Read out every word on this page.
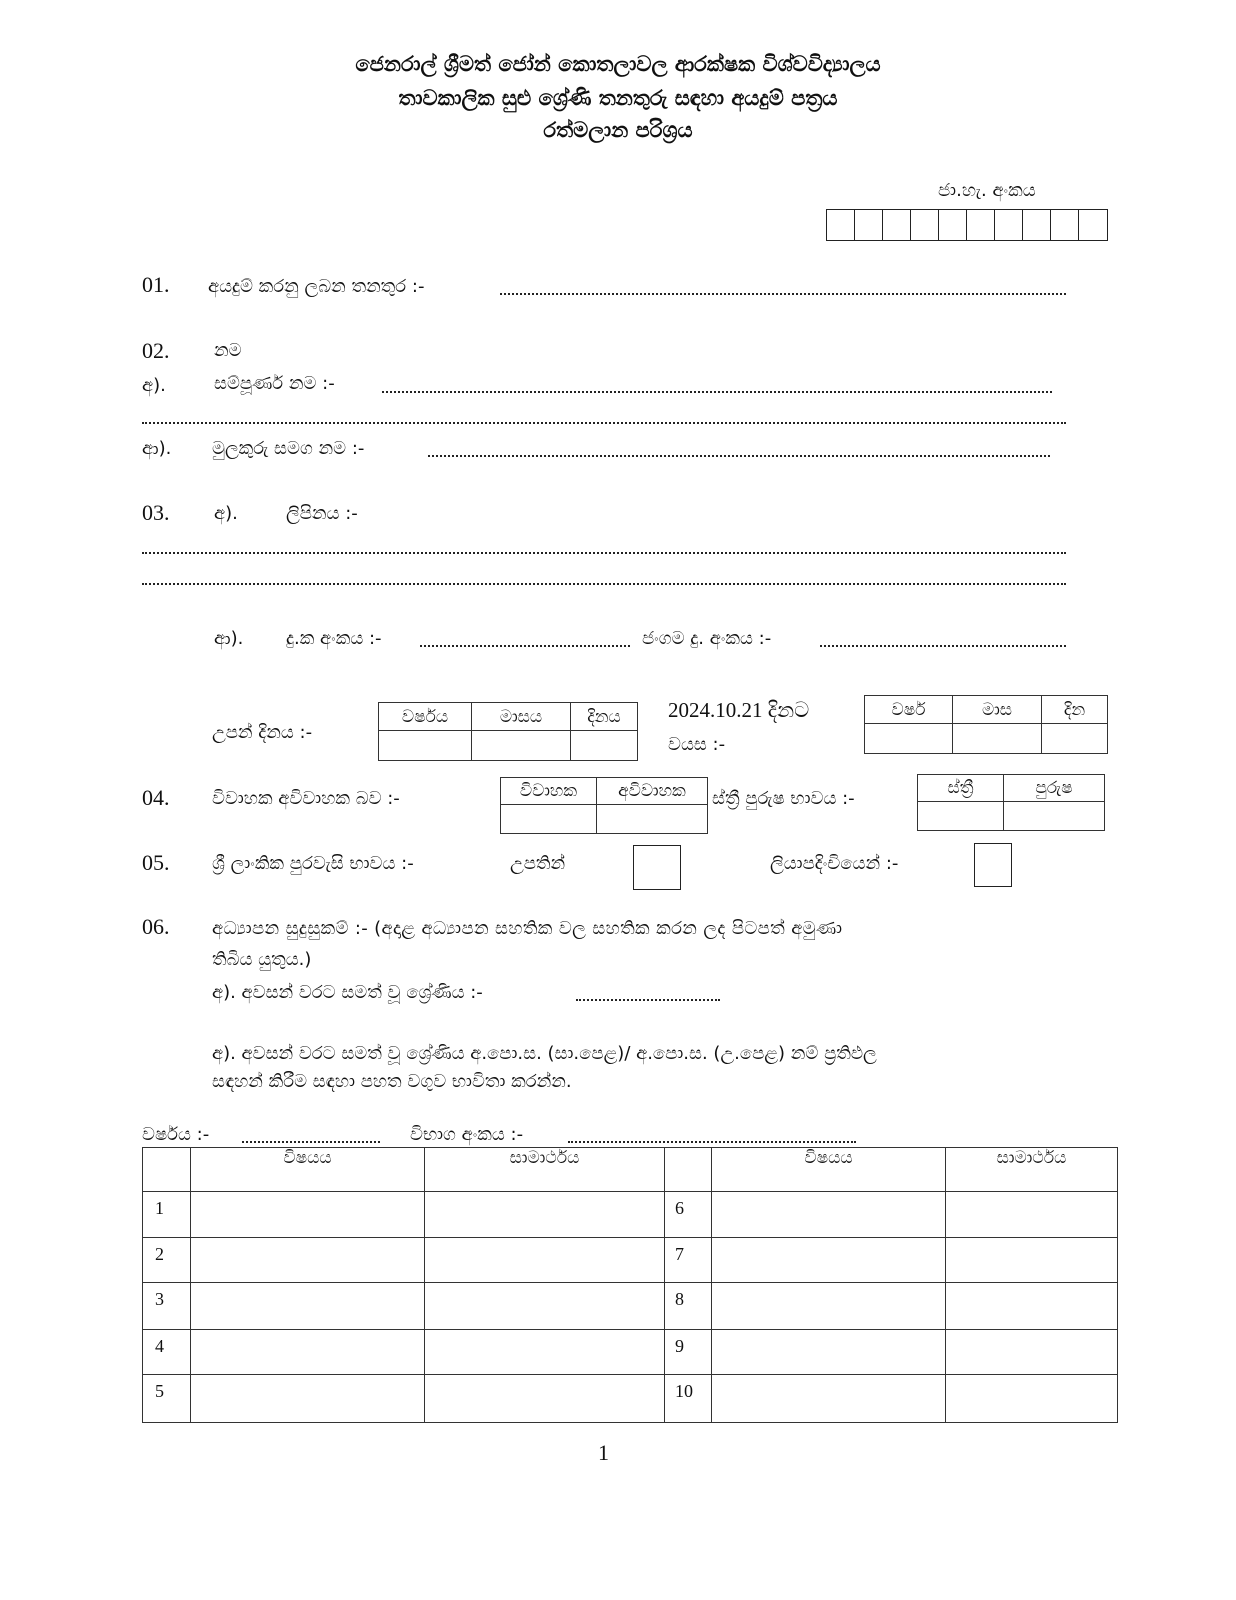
ජෙනරාල් ශ්‍රීමත් ජෝන් කොතලාවල ආරක්ෂක විශ්වවිද්‍යාලය
තාවකාලික සුළු ශ්‍රේණි තනතුරු සඳහා අයදුම් පත්‍රය
රත්මලාන පරිශ්‍රය
ජා.හැ. අංකය
01. අයදුම් කරනු ලබන තනතුර :-
02. නම
අ).	සම්පූර්ණ නම :-
ආ). මුලකුරු සමග නම :-
03. අ).	ලිපිනය :-
ආ). දු.ක අංකය :-	ජංගම දු. අංකය :-
උපන් දිනය :-
වර්ෂය	මාසය	දිනය
		2024.10.21 දිනට
වයස :-
වර්ෂ	මාස	දින

04. විවාහක අවිවාහක බව :-	විවාහක	අවිවාහක
	ස්ත්‍රී පුරුෂ භාවය :-	ස්ත්‍රී	පුරුෂ

05. ශ්‍රී ලාංකික පුරවැසි භාවය :-	උපතින්	ලියාපදිංචියෙන් :-
06. අධ්‍යාපන සුදුසුකම් :- (අදාළ අධ්‍යාපන සහතික වල සහතික කරන ලද පිටපත් අමුණා
තිබිය යුතුය.)
අ). අවසන් වරට සමත් වූ ශ්‍රේණිය :-
අ). අවසන් වරට සමත් වූ ශ්‍රේණිය අ.පො.ස. (සා.පෙළ)/ අ.පො.ස. (උ.පෙළ) නම් ප්‍රතිඵල
සඳහන් කිරීම සඳහා පහත වගුව භාවිතා කරන්න.
වර්ෂය :-	විභාග අංකය :-
	විෂයය	සාමාර්ථය		විෂයය	සාමාර්ථය
1			6		
2			7		
3			8		
4			9		
5			10		
1
